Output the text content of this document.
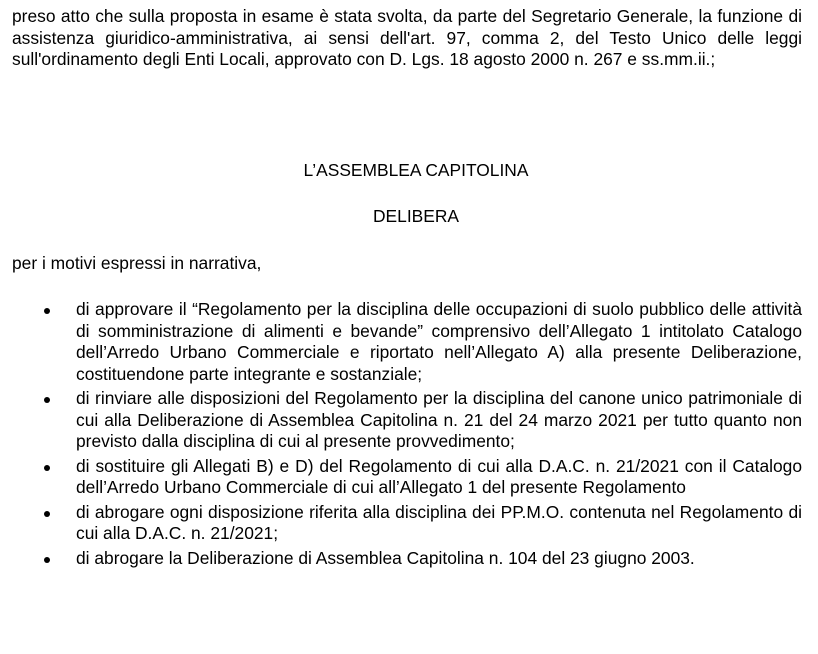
preso atto che sulla proposta in esame è stata svolta, da parte del Segretario Generale, la funzione di assistenza giuridico-amministrativa, ai sensi dell'art. 97, comma 2, del Testo Unico delle leggi sull'ordinamento degli Enti Locali, approvato con D. Lgs. 18 agosto 2000 n. 267 e ss.mm.ii.;

L’ASSEMBLEA CAPITOLINA

DELIBERA

per i motivi espressi in narrativa,

di approvare il “Regolamento per la disciplina delle occupazioni di suolo pubblico delle attività di somministrazione di alimenti e bevande” comprensivo dell’Allegato 1 intitolato Catalogo dell’Arredo Urbano Commerciale e riportato nell’Allegato A) alla presente Deliberazione, costituendone parte integrante e sostanziale;
di rinviare alle disposizioni del Regolamento per la disciplina del canone unico patrimoniale di cui alla Deliberazione di Assemblea Capitolina n. 21 del 24 marzo 2021 per tutto quanto non previsto dalla disciplina di cui al presente provvedimento;
di sostituire gli Allegati B) e D) del Regolamento di cui alla D.A.C. n. 21/2021 con il Catalogo dell’Arredo Urbano Commerciale di cui all’Allegato 1 del presente Regolamento
di abrogare ogni disposizione riferita alla disciplina dei PP.M.O. contenuta nel Regolamento di cui alla D.A.C. n. 21/2021;
di abrogare la Deliberazione di Assemblea Capitolina n. 104 del 23 giugno 2003.
